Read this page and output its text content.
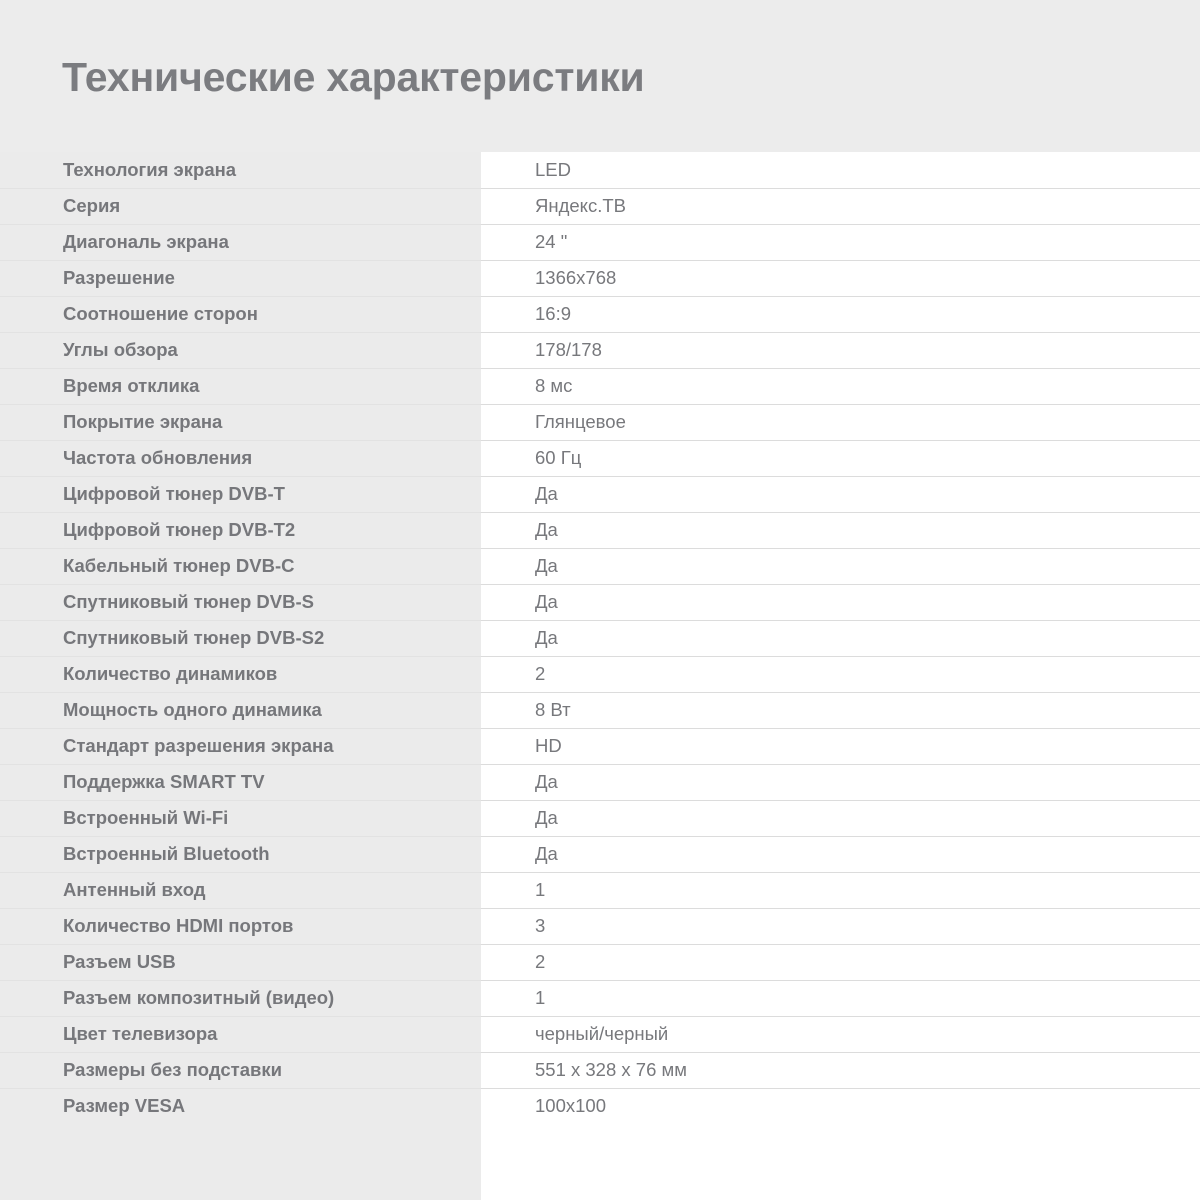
Технические характеристики
Технология экрана	LED
Серия	Яндекс.ТВ
Диагональ экрана	24 "
Разрешение	1366x768
Соотношение сторон	16:9
Углы обзора	178/178
Время отклика	8 мс
Покрытие экрана	Глянцевое
Частота обновления	60 Гц
Цифровой тюнер DVB-T	Да
Цифровой тюнер DVB-T2	Да
Кабельный тюнер DVB-C	Да
Спутниковый тюнер DVB-S	Да
Спутниковый тюнер DVB-S2	Да
Количество динамиков	2
Мощность одного динамика	8 Вт
Стандарт разрешения экрана	HD
Поддержка SMART TV	Да
Встроенный Wi-Fi	Да
Встроенный Bluetooth	Да
Антенный вход	1
Количество HDMI портов	3
Разъем USB	2
Разъем композитный (видео)	1
Цвет телевизора	черный/черный
Размеры без подставки	551 х 328 х 76 мм
Размер VESA	100x100
